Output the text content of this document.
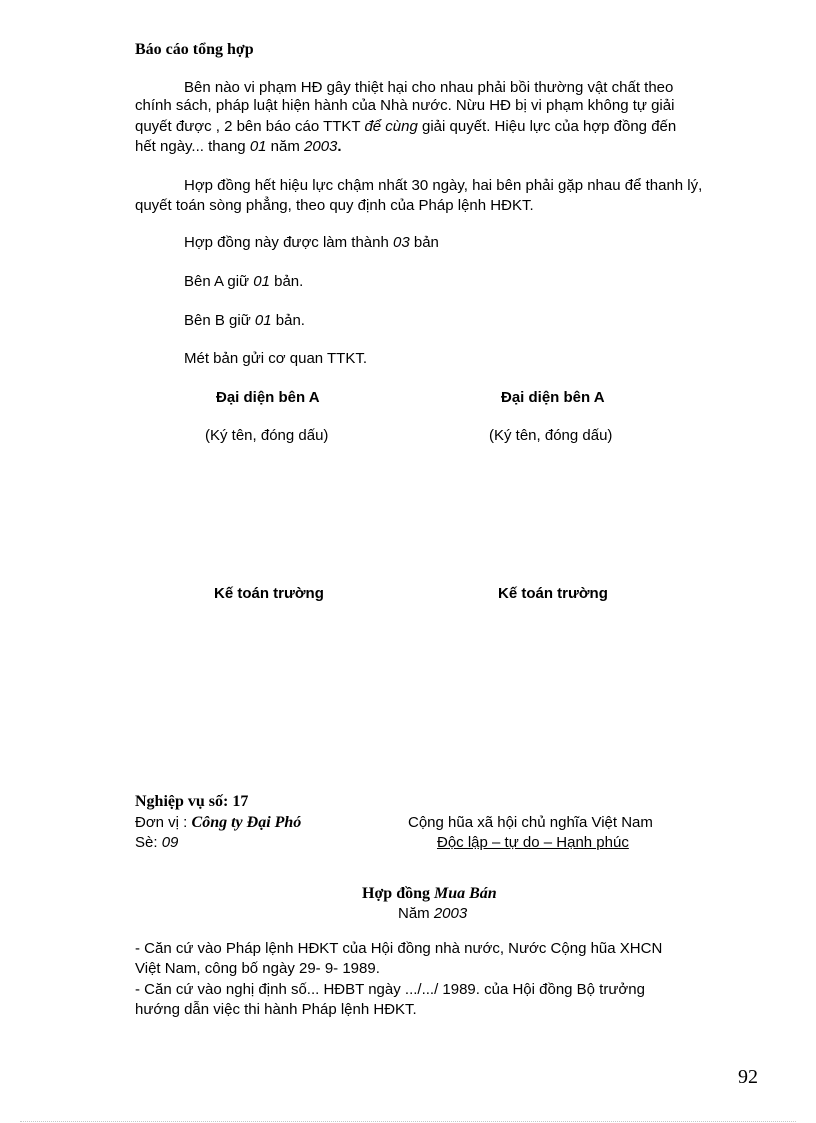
Báo cáo tổng hợp
Bên nào vi phạm HĐ gây thiệt hại cho nhau phải bồi thường vật chất theo
chính sách, pháp luật hiện hành của Nhà nước. Nừu HĐ bị vi phạm không tự giải
quyết được , 2 bên báo cáo TTKT để cùng giải quyết. Hiệu lực của hợp đồng đến
hết ngày... thang 01 năm 2003.
Hợp đồng hết hiệu lực chậm nhất 30 ngày, hai bên phải gặp nhau để thanh lý,
quyết toán sòng phẳng, theo quy định của Pháp lệnh HĐKT.
Hợp đồng này được làm thành 03 bản
Bên A giữ 01 bản.
Bên B giữ 01 bản.
Mét bản gửi cơ quan TTKT.
Đại diện bên A	Đại diện bên A
(Ký tên, đóng dấu)	(Ký tên, đóng dấu)
Kế toán trường	Kế toán trường
Nghiệp vụ số: 17
Đơn vị : Công ty Đại Phó
Sè: 09
Cộng hũa xã hội chủ nghĩa Việt Nam
Độc lập – tự do – Hạnh phúc
Hợp đồng Mua Bán
Năm 2003
- Căn cứ vào Pháp lệnh HĐKT của Hội đồng nhà nước, Nước Cộng hũa XHCN
Việt Nam, công bố ngày 29- 9- 1989.
- Căn cứ vào nghị định số... HĐBT ngày .../.../ 1989. của Hội đồng Bộ trưởng
hướng dẫn việc thi hành Pháp lệnh HĐKT.
92
